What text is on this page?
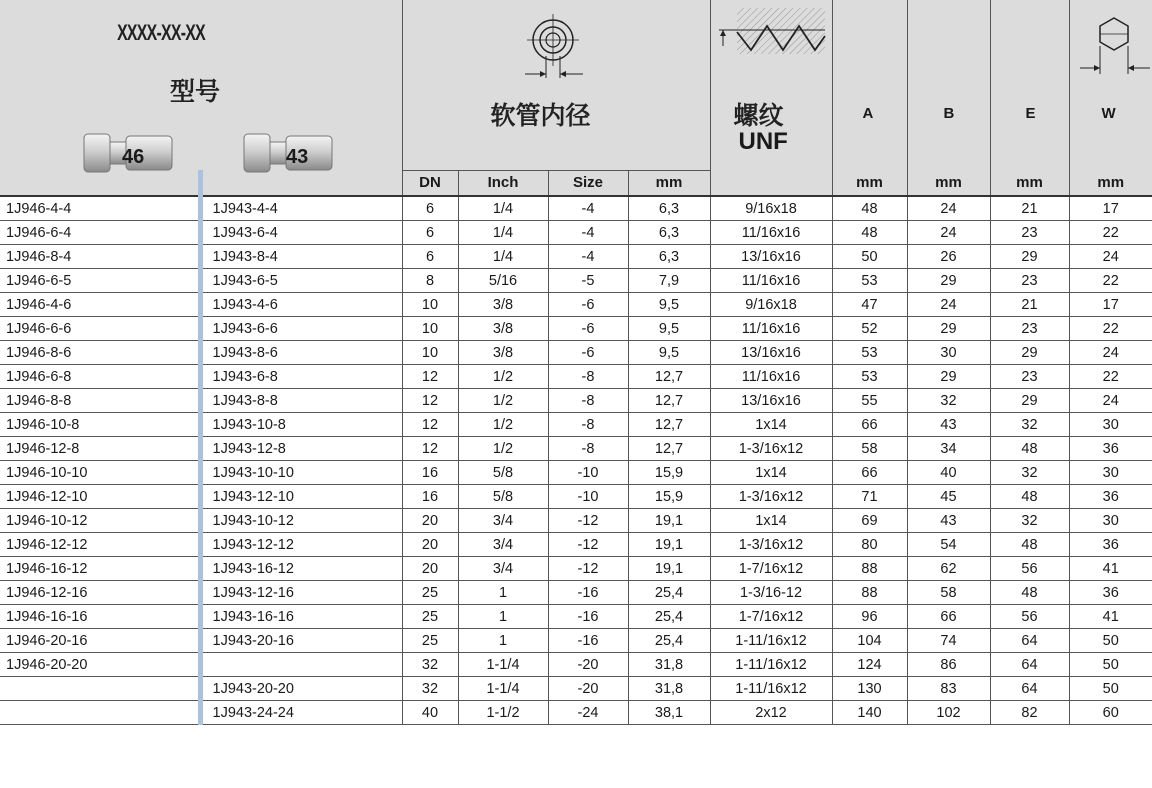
XXXX-XX-XX
型号
46 43		软管内径				螺纹
UNF	A	B	E	W

		DN	Inch	Size	mm		mm	mm	mm	mm
1J946-4-4	1J943-4-4	6	1/4	-4	6,3	9/16x18	48	24	21	17
1J946-6-4	1J943-6-4	6	1/4	-4	6,3	11/16x16	48	24	23	22
1J946-8-4	1J943-8-4	6	1/4	-4	6,3	13/16x16	50	26	29	24
1J946-6-5	1J943-6-5	8	5/16	-5	7,9	11/16x16	53	29	23	22
1J946-4-6	1J943-4-6	10	3/8	-6	9,5	9/16x18	47	24	21	17
1J946-6-6	1J943-6-6	10	3/8	-6	9,5	11/16x16	52	29	23	22
1J946-8-6	1J943-8-6	10	3/8	-6	9,5	13/16x16	53	30	29	24
1J946-6-8	1J943-6-8	12	1/2	-8	12,7	11/16x16	53	29	23	22
1J946-8-8	1J943-8-8	12	1/2	-8	12,7	13/16x16	55	32	29	24
1J946-10-8	1J943-10-8	12	1/2	-8	12,7	1x14	66	43	32	30
1J946-12-8	1J943-12-8	12	1/2	-8	12,7	1-3/16x12	58	34	48	36
1J946-10-10	1J943-10-10	16	5/8	-10	15,9	1x14	66	40	32	30
1J946-12-10	1J943-12-10	16	5/8	-10	15,9	1-3/16x12	71	45	48	36
1J946-10-12	1J943-10-12	20	3/4	-12	19,1	1x14	69	43	32	30
1J946-12-12	1J943-12-12	20	3/4	-12	19,1	1-3/16x12	80	54	48	36
1J946-16-12	1J943-16-12	20	3/4	-12	19,1	1-7/16x12	88	62	56	41
1J946-12-16	1J943-12-16	25	1	-16	25,4	1-3/16-12	88	58	48	36
1J946-16-16	1J943-16-16	25	1	-16	25,4	1-7/16x12	96	66	56	41
1J946-20-16	1J943-20-16	25	1	-16	25,4	1-11/16x12	104	74	64	50
1J946-20-20		32	1-1/4	-20	31,8	1-11/16x12	124	86	64	50
	1J943-20-20	32	1-1/4	-20	31,8	1-11/16x12	130	83	64	50
	1J943-24-24	40	1-1/2	-24	38,1	2x12	140	102	82	60
